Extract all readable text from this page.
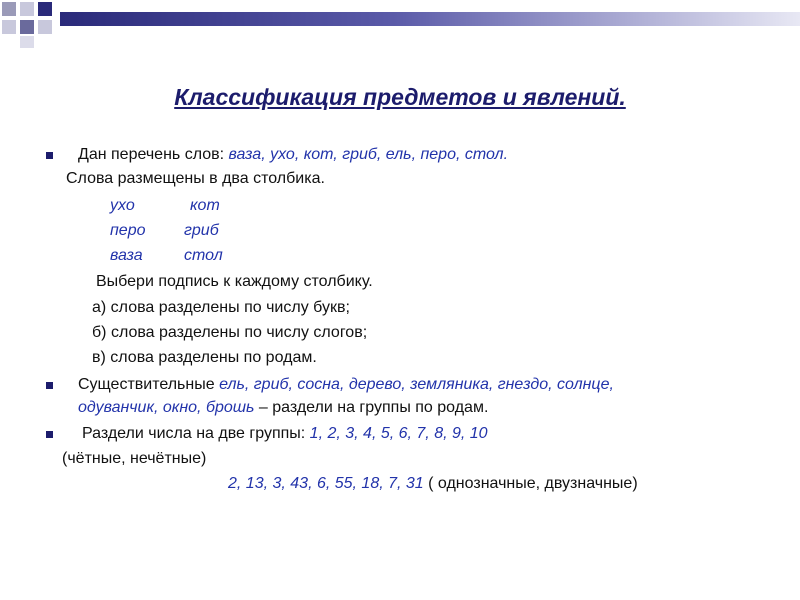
Классификация предметов и явлений.
Дан перечень слов: ваза, ухо, кот, гриб, ель, перо, стол.
Слова размещены в два столбика.
ухо	кот
перо гриб
ваза	стол
Выбери подпись к каждому столбику.
а) слова разделены по числу букв;
б) слова разделены по числу слогов;
в) слова разделены по родам.
Существительные ель, гриб, сосна, дерево, земляника, гнездо, солнце,
одуванчик, окно, брошь – раздели на группы по родам.
Раздели числа на две группы: 1, 2, 3, 4, 5, 6, 7, 8, 9, 10
(чётные, нечётные)
2, 13, 3, 43, 6, 55, 18, 7, 31 ( однозначные, двузначные)
